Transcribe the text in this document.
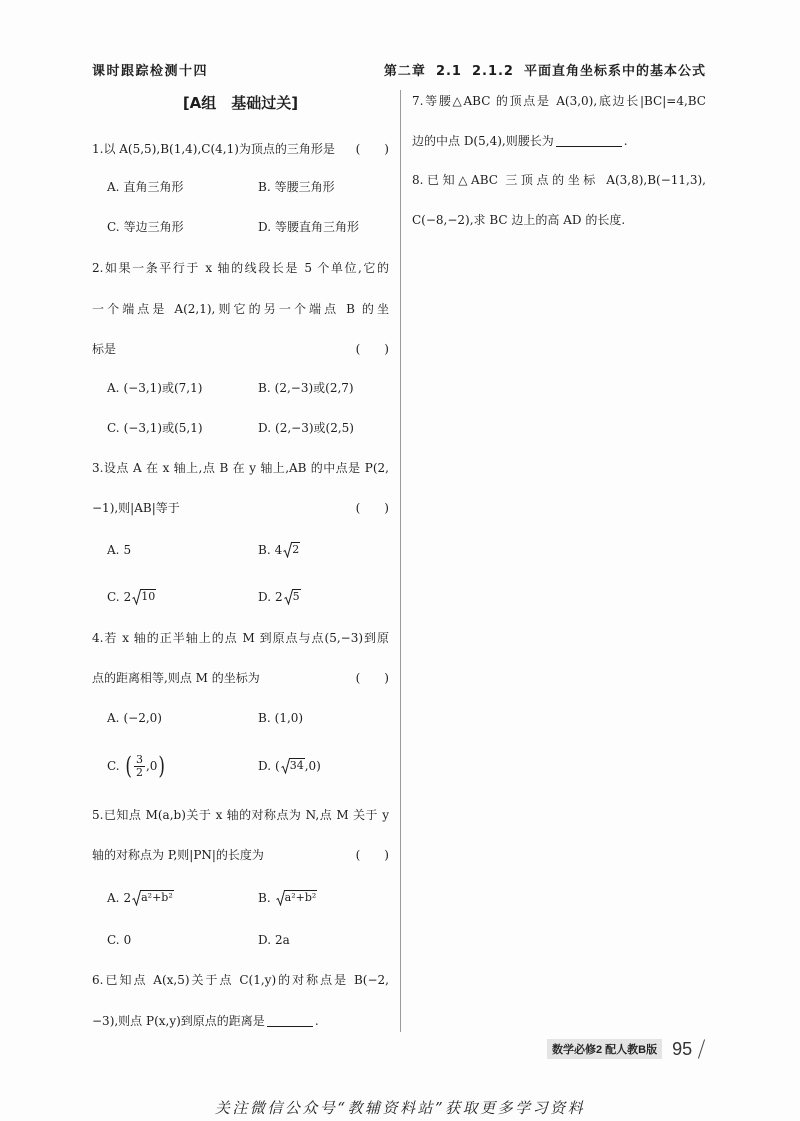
课时跟踪检测十四	第二章 2.1 2.1.2 平面直角坐标系中的基本公式
[A组　基础过关]
1.以 A(5,5),B(1,4),C(4,1)为顶点的三角形是 (　　)
A. 直角三角形	B. 等腰三角形
C. 等边三角形	D. 等腰直角三角形
2.如果一条平行于 x 轴的线段长是 5 个单位,它的
一个端点是 A(2,1),则它的另一个端点 B 的坐
标是	(　　)
A. (−3,1)或(7,1)	B. (2,−3)或(2,7)
C. (−3,1)或(5,1)	D. (2,−3)或(2,5)
3.设点 A 在 x 轴上,点 B 在 y 轴上,AB 的中点是 P(2,
−1),则|AB|等于	(　　)
A. 5	B. 4 2
C. 2 10	D. 2 5
4.若 x 轴的正半轴上的点 M 到原点与点(5,−3)到原
点的距离相等,则点 M 的坐标为	(　　)
A. (−2,0)	B. (1,0)
C. ( $\frac{3}{2} ,0$ )	D. ( 34 ,0)
5.已知点 M(a,b)关于 x 轴的对称点为 N,点 M 关于 y
轴的对称点为 P,则|PN|的长度为	(　　)
A. 2 a²+b²	B. a²+b²
C. 0	D. 2a
6.已知点 A(x,5)关于点 C(1,y)的对称点是 B(−2,
−3),则点 P(x,y)到原点的距离是	.
7.等腰△ABC 的顶点是 A(3,0),底边长|BC|=4,BC
边的中点 D(5,4),则腰长为	.
8.已知△ABC 三顶点的坐标 A(3,8),B(−11,3),
C(−8,−2),求 BC 边上的高 AD 的长度.
数学必修2 配人教B版 95
关注微信公众号“教辅资料站”获取更多学习资料
